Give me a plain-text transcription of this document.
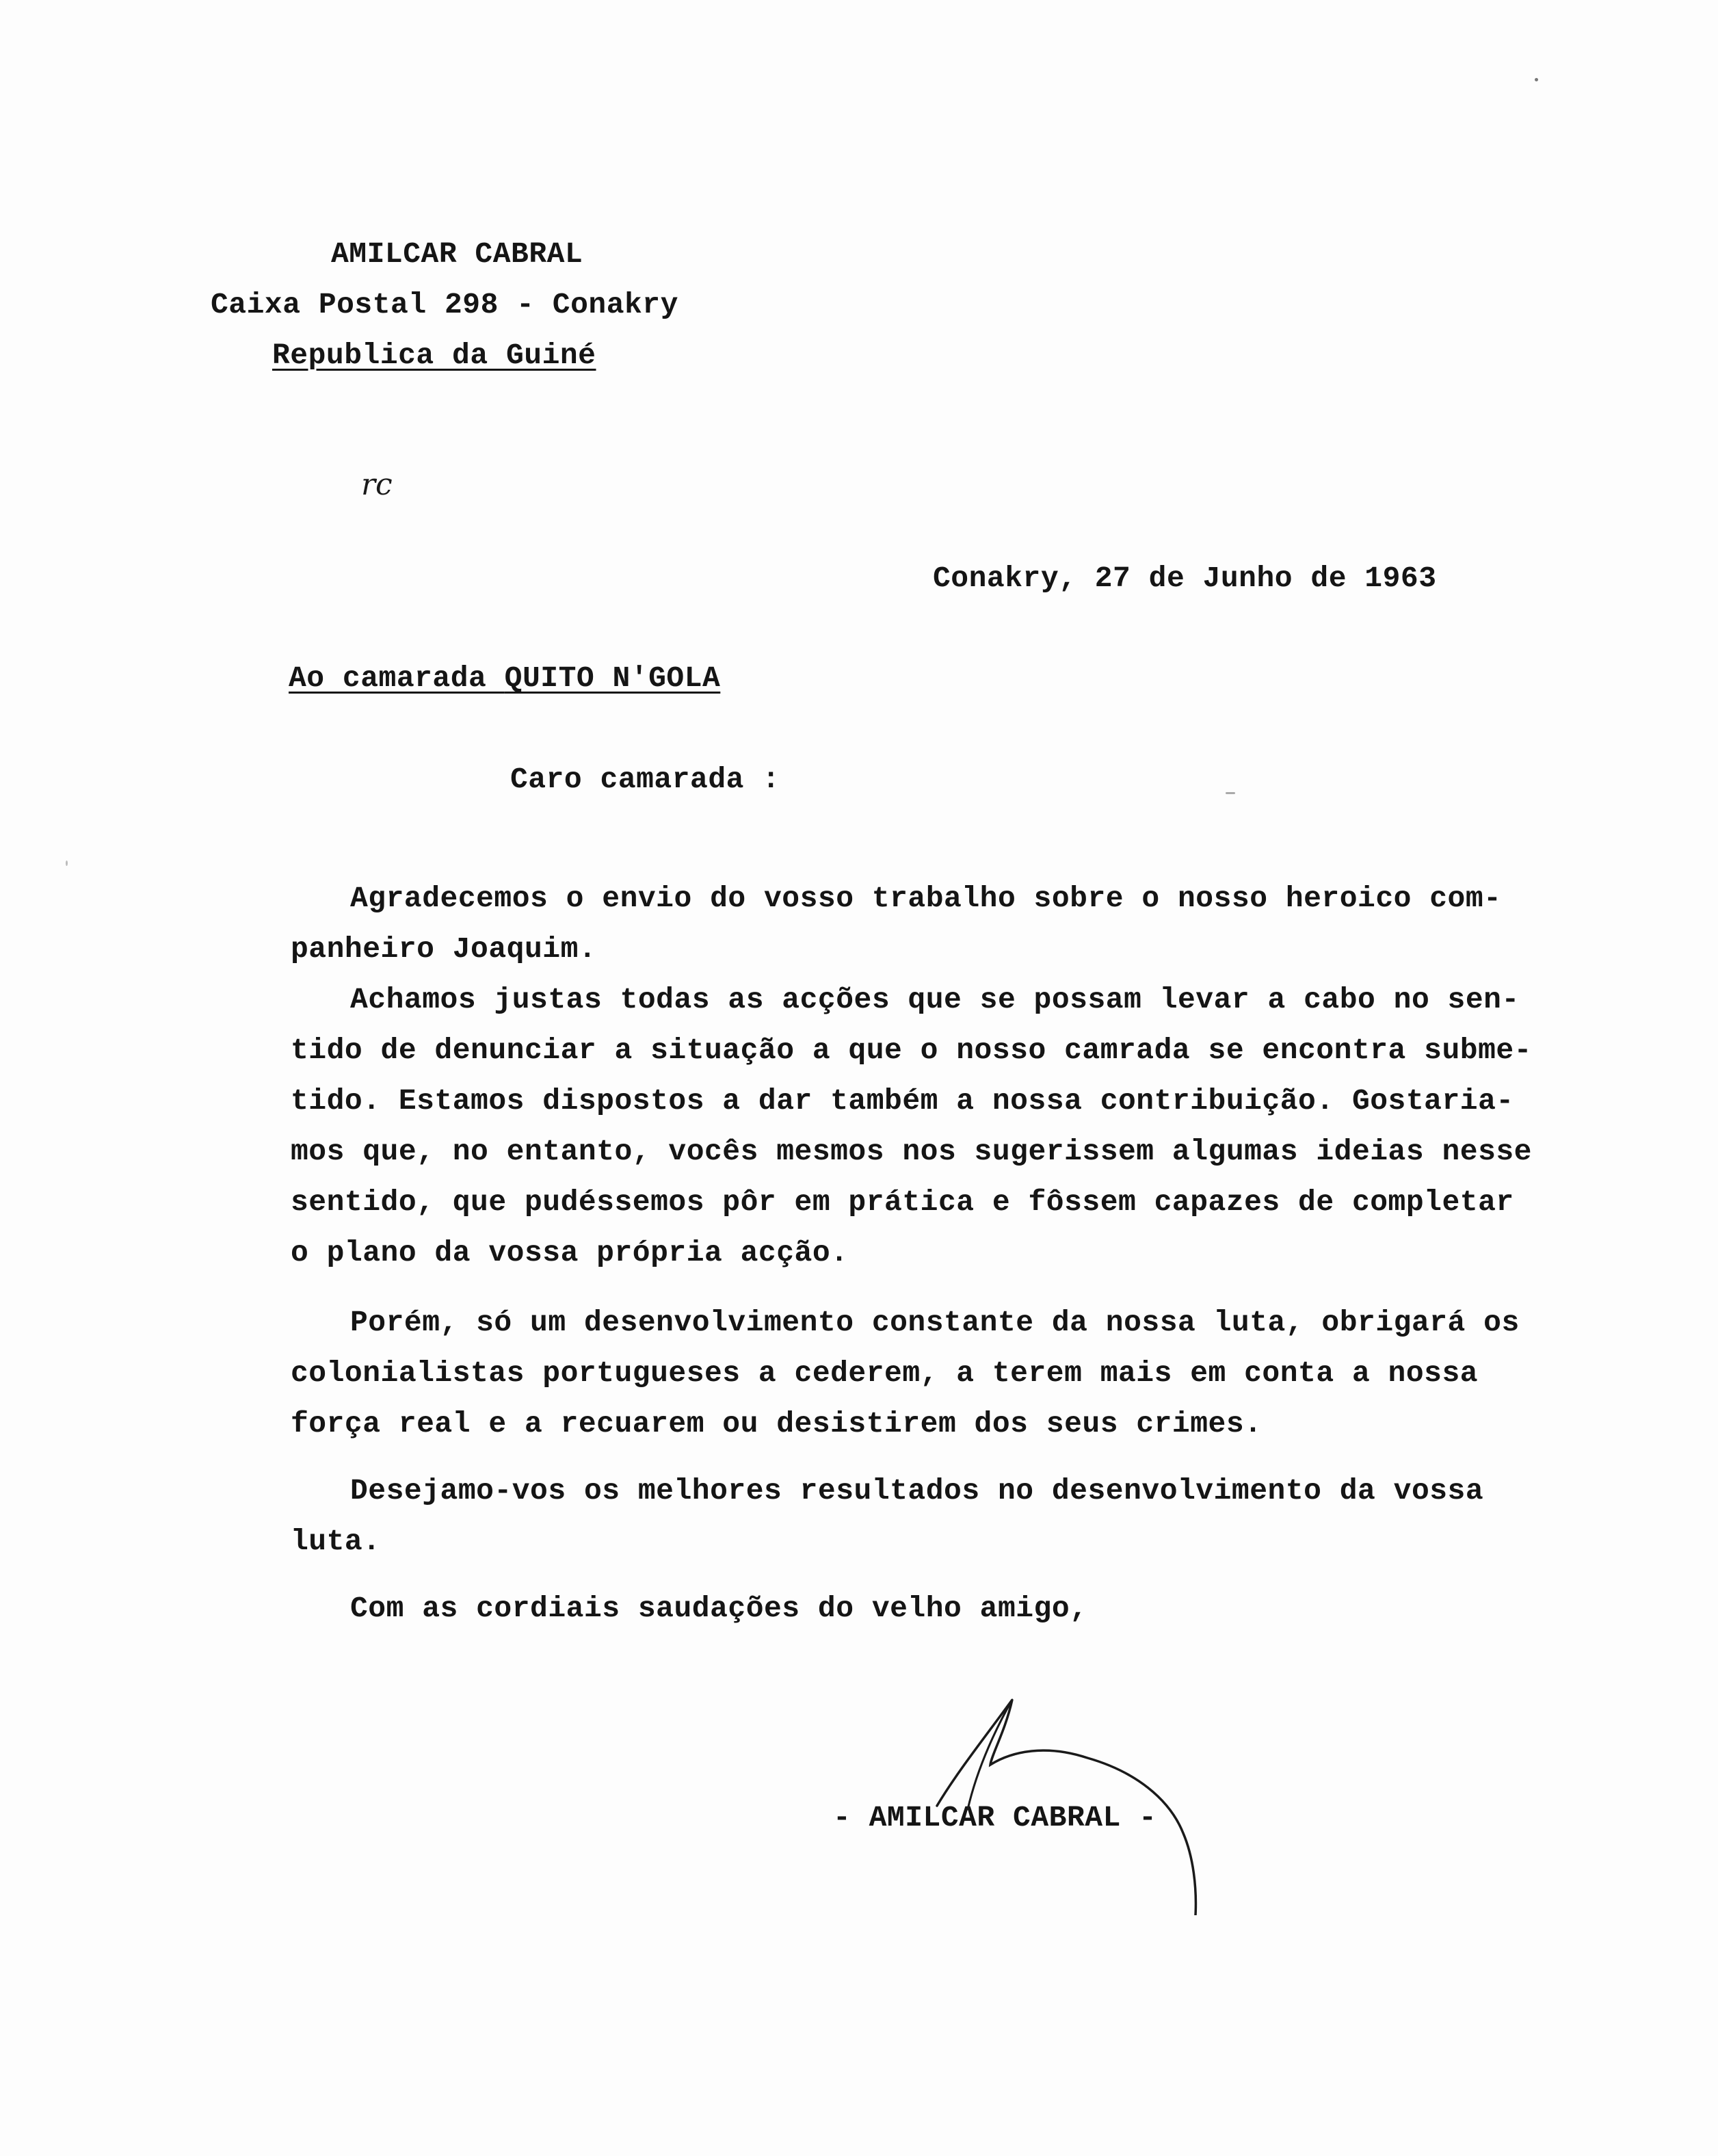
AMILCAR CABRAL
Caixa Postal 298 - Conakry
Republica da Guiné
rc
Conakry, 27 de Junho de 1963
Ao camarada QUITO N'GOLA
Caro camarada :
Agradecemos o envio do vosso trabalho sobre o nosso heroico com-
panheiro Joaquim.
Achamos justas todas as acções que se possam levar a cabo no sen-
tido de denunciar a situação a que o nosso camrada se encontra subme-
tido. Estamos dispostos a dar também a nossa contribuição. Gostaria-
mos que, no entanto, vocês mesmos nos sugerissem algumas ideias nesse
sentido, que pudéssemos pôr em prática e fôssem capazes de completar
o plano da vossa própria acção.
Porém, só um desenvolvimento constante da nossa luta, obrigará os
colonialistas portugueses a cederem, a terem mais em conta a nossa
força real e a recuarem ou desistirem dos seus crimes.
Desejamo-vos os melhores resultados no desenvolvimento da vossa
luta.
Com as cordiais saudações do velho amigo,
- AMILCAR CABRAL -
